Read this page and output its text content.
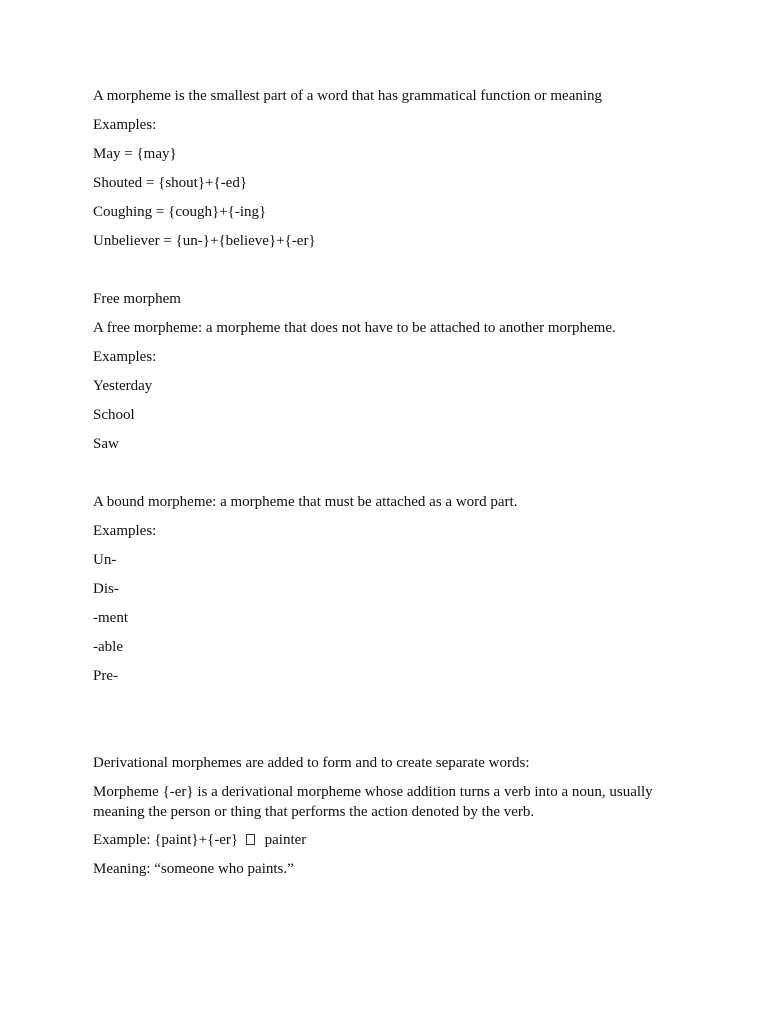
A morpheme is the smallest part of a word that has grammatical function or meaning

Examples:

May = {may}

Shouted = {shout}+{-ed}

Coughing = {cough}+{-ing}

Unbeliever = {un-}+{believe}+{-er}

Free morphem

A free morpheme: a morpheme that does not have to be attached to another morpheme.

Examples:

Yesterday

School

Saw

A bound morpheme: a morpheme that must be attached as a word part.

Examples:

Un-

Dis-

-ment

-able

Pre-

Derivational morphemes are added to form and to create separate words:

Morpheme {-er} is a derivational morpheme whose addition turns a verb into a noun, usually meaning the person or thing that performs the action denoted by the verb.

Example: {paint}+{-er} painter

Meaning: “someone who paints.”
